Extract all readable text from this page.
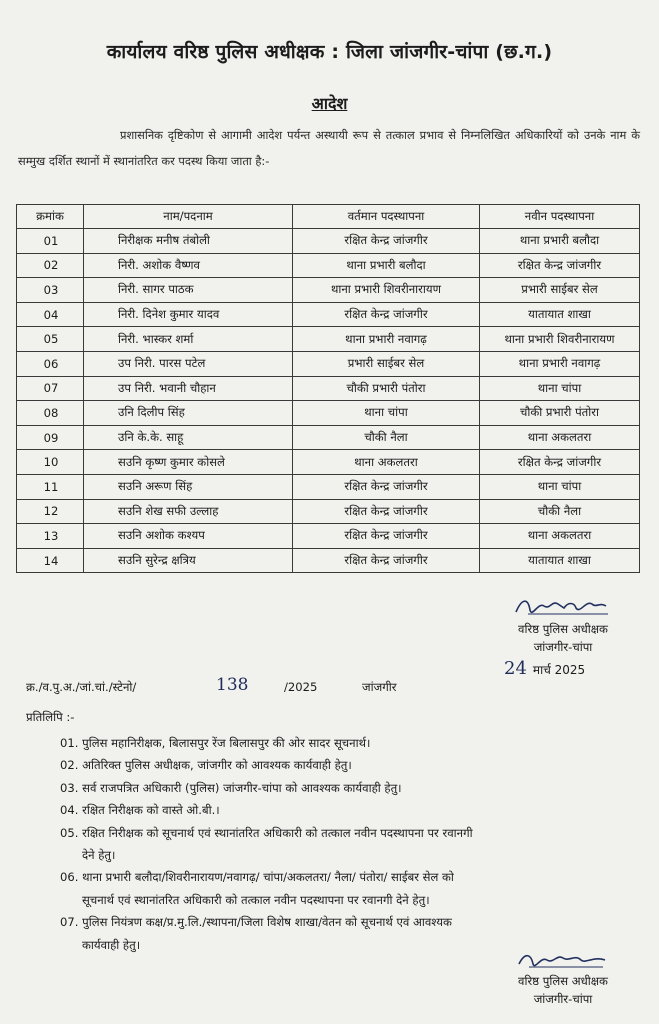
कार्यालय वरिष्ठ पुलिस अधीक्षक : जिला जांजगीर-चांपा (छ.ग.)
आदेश
प्रशासनिक दृष्टिकोण से आगामी आदेश पर्यन्त अस्थायी रूप से तत्काल प्रभाव से निम्नलिखित अधिकारियों को उनके नाम के सम्मुख दर्शित स्थानों में स्थानांतरित कर पदस्थ किया जाता है:-
क्रमांक	नाम/पदनाम	वर्तमान पदस्थापना	नवीन पदस्थापना
01	निरीक्षक मनीष तंबोली	रक्षित केन्द्र जांजगीर	थाना प्रभारी बलौदा
02	निरी. अशोक वैष्णव	थाना प्रभारी बलौदा	रक्षित केन्द्र जांजगीर
03	निरी. सागर पाठक	थाना प्रभारी शिवरीनारायण	प्रभारी सा‌ईबर सेल
04	निरी. दिनेश कुमार यादव	रक्षित केन्द्र जांजगीर	यातायात शाखा
05	निरी. भास्कर शर्मा	थाना प्रभारी नवागढ़	थाना प्रभारी शिवरीनारायण
06	उप निरी. पारस पटेल	प्रभारी साईबर सेल	थाना प्रभारी नवागढ़
07	उप निरी. भवानी चौहान	चौकी प्रभारी पंतोरा	थाना चांपा
08	उनि दिलीप सिंह	थाना चांपा	चौकी प्रभारी पंतोरा
09	उनि के.के. साहू	चौकी नैला	थाना अकलतरा
10	सउनि कृष्ण कुमार कोसले	थाना अकलतरा	रक्षित केन्द्र जांजगीर
11	सउनि अरूण सिंह	रक्षित केन्द्र जांजगीर	थाना चांपा
12	सउनि शेख सफी उल्लाह	रक्षित केन्द्र जांजगीर	चौकी नैला
13	सउनि अशोक कश्यप	रक्षित केन्द्र जांजगीर	थाना अकलतरा
14	सउनि सुरेन्द्र क्षत्रिय	रक्षित केन्द्र जांजगीर	यातायात शाखा
वरिष्ठ पुलिस अधीक्षक
जांजगीर-चांपा
24 मार्च 2025
क्र./व.पु.अ./जां.चां./स्टेनो/	138	/2025	जांजगीर
प्रतिलिपि :-
01. पुलिस महानिरीक्षक, बिलासपुर रेंज बिलासपुर की ओर सादर सूचनार्थ।
02. अतिरिक्त पुलिस अधीक्षक, जांजगीर को आवश्यक कार्यवाही हेतु।
03. सर्व राजपत्रित अधिकारी (पुलिस) जांजगीर-चांपा को आवश्यक कार्यवाही हेतु।
04. रक्षित निरीक्षक को वास्ते ओ.बी.।
05. रक्षित निरीक्षक को सूचनार्थ एवं स्थानांतरित अधिकारी को तत्काल नवीन पदस्थापना पर रवानगी
देने हेतु।
06. थाना प्रभारी बलौदा/शिवरीनारायण/नवागढ़/ चांपा/अकलतरा/ नैला/ पंतोरा/ साईबर सेल को
सूचनार्थ एवं स्थानांतरित अधिकारी को तत्काल नवीन पदस्थापना पर रवानगी देने हेतु।
07. पुलिस नियंत्रण कक्ष/प्र.मु.लि./स्थापना/जिला विशेष शाखा/वेतन को सूचनार्थ एवं आवश्यक
कार्यवाही हेतु।
वरिष्ठ पुलिस अधीक्षक
जांजगीर-चांपा
